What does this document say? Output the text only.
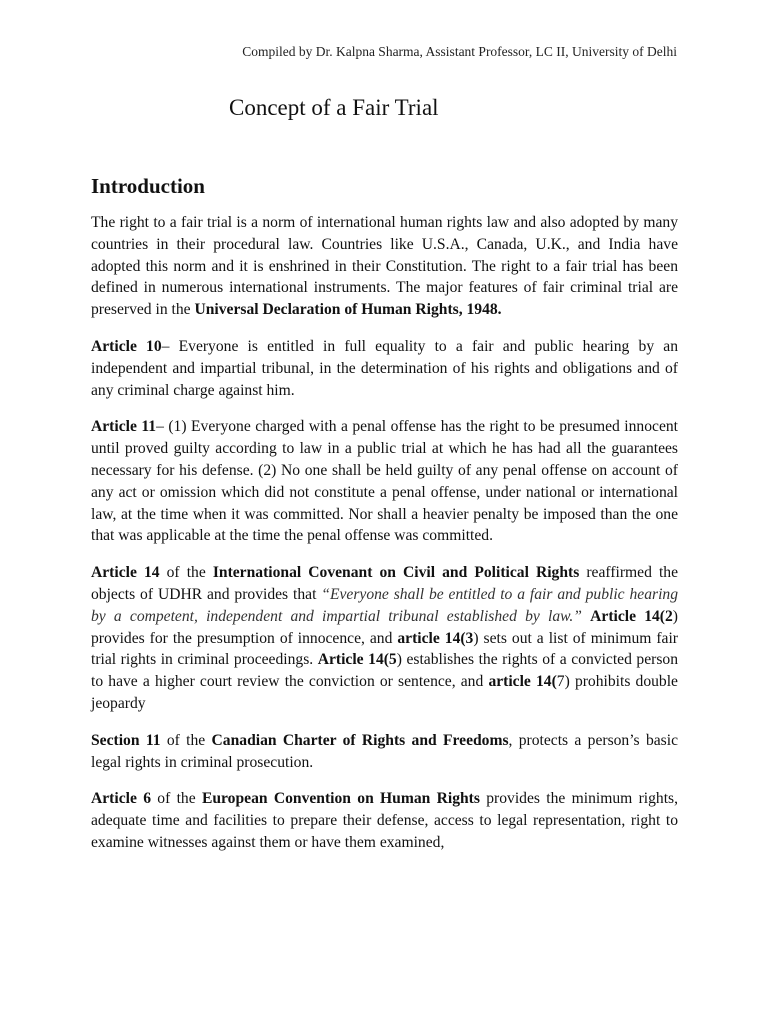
Compiled by Dr. Kalpna Sharma, Assistant Professor, LC II, University of Delhi
Concept of a Fair Trial
Introduction

The right to a fair trial is a norm of international human rights law and also adopted by many countries in their procedural law. Countries like U.S.A., Canada, U.K., and India have adopted this norm and it is enshrined in their Constitution. The right to a fair trial has been defined in numerous international instruments. The major features of fair criminal trial are preserved in the Universal Declaration of Human Rights, 1948.

Article 10– Everyone is entitled in full equality to a fair and public hearing by an independent and impartial tribunal, in the determination of his rights and obligations and of any criminal charge against him.

Article 11– (1) Everyone charged with a penal offense has the right to be presumed innocent until proved guilty according to law in a public trial at which he has had all the guarantees necessary for his defense. (2) No one shall be held guilty of any penal offense on account of any act or omission which did not constitute a penal offense, under national or international law, at the time when it was committed. Nor shall a heavier penalty be imposed than the one that was applicable at the time the penal offense was committed.

Article 14 of the International Covenant on Civil and Political Rights reaffirmed the objects of UDHR and provides that “Everyone shall be entitled to a fair and public hearing by a competent, independent and impartial tribunal established by law.” Article 14(2) provides for the presumption of innocence, and article 14(3) sets out a list of minimum fair trial rights in criminal proceedings. Article 14(5) establishes the rights of a convicted person to have a higher court review the conviction or sentence, and article 14(7) prohibits double jeopardy

Section 11 of the Canadian Charter of Rights and Freedoms, protects a person’s basic legal rights in criminal prosecution.

Article 6 of the European Convention on Human Rights provides the minimum rights, adequate time and facilities to prepare their defense, access to legal representation, right to examine witnesses against them or have them examined,
